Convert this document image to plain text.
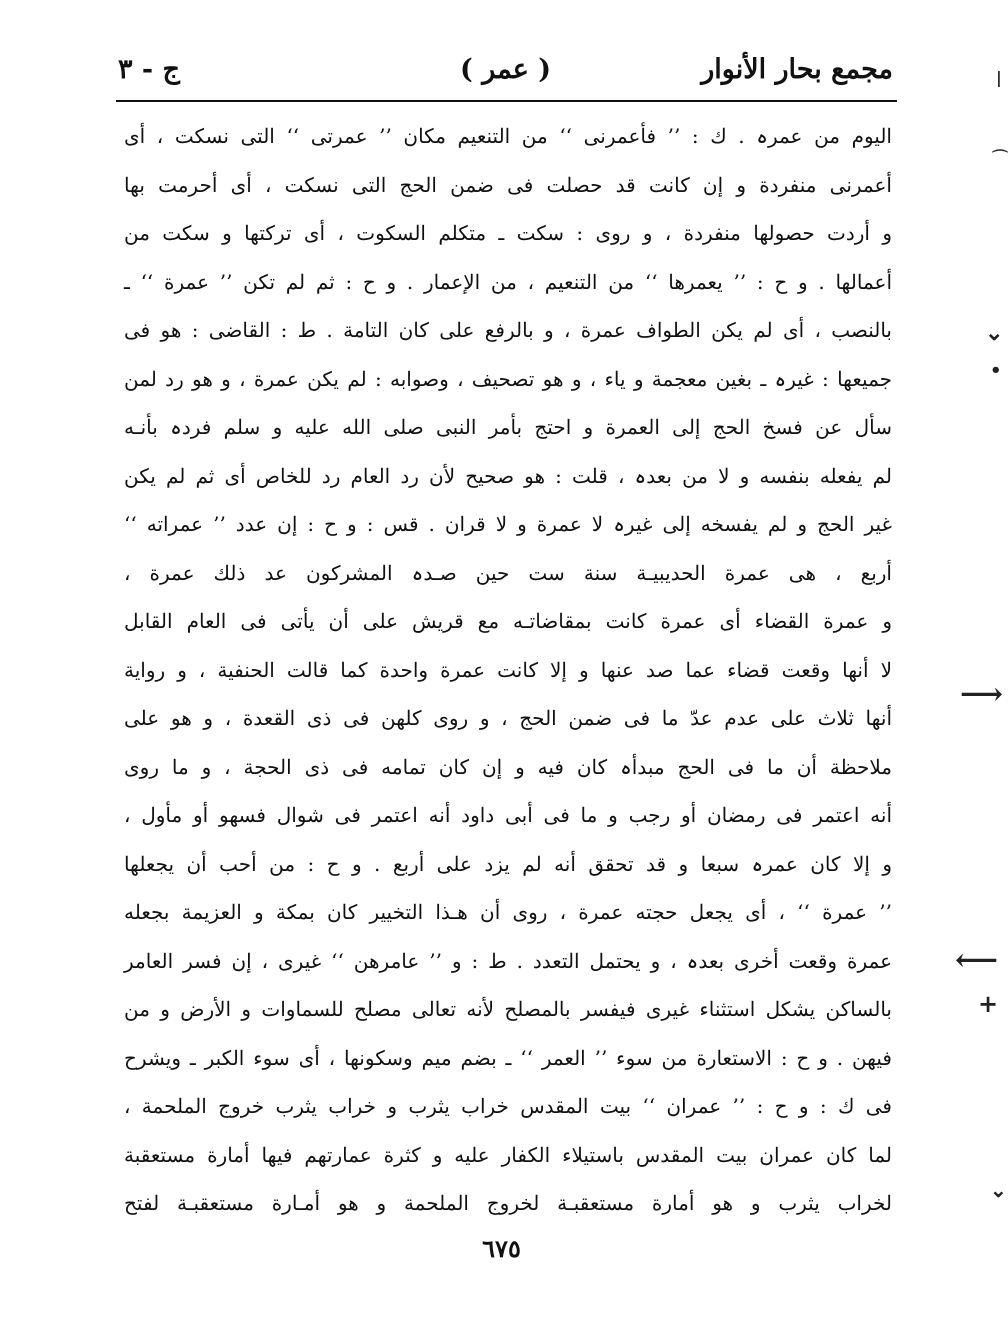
مجمع بحار الأنوار
( عمر )
ج - ٣
اليوم من عمرہ . ك : ’’ فأعمرنی ‘‘ من التنعیم مكان ’’ عمرتی ‘‘ التی نسكت ، أی
أعمرنی منفردة و إن كانت قد حصلت فی ضمن الحج التی نسكت ، أی أحرمت بها
و أردت حصولها منفردة ، و روی : سكت ـ متكلم السكوت ، أی تركتها و سكت من
أعمالها . و ح : ’’ یعمرها ‘‘ من التنعیم ، من الإعمار . و ح : ثم لم تكن ’’ عمرة ‘‘ ـ
بالنصب ، أی لم یكن الطواف عمرة ، و بالرفع علی كان التامة . ط : القاضی : هو فی
جمیعها : غیرہ ـ بغین معجمة و یاء ، و هو تصحیف ، وصوابه : لم یكن عمرة ، و هو رد لمن
سأل عن فسخ الحج إلی العمرة و احتج بأمر النبی صلی الله علیه و سلم فردہ بأنـه
لم یفعله بنفسه و لا من بعدہ ، قلت : هو صحیح لأن رد العام رد للخاص أی ثم لم یكن
غیر الحج و لم یفسخه إلی غیرہ لا عمرة و لا قران . قس : و ح : إن عدد ’’ عمراته ‘‘
أربع ، هی عمرة الحدیبیـة سنة ست حین صـدہ المشركون عد ذلك عمرة ،
و عمرة القضاء أی عمرة كانت بمقاضاتـه مع قریش علی أن یأتی فی العام القابل
لا أنها وقعت قضاء عما صد عنها و إلا كانت عمرة واحدة كما قالت الحنفیة ، و روایة
أنها ثلاث علی عدم عدّ ما فی ضمن الحج ، و روی كلهن فی ذی القعدة ، و هو علی
ملاحظة أن ما فی الحج مبدأہ كان فیه و إن كان تمامه فی ذی الحجة ، و ما روی
أنه اعتمر فی رمضان أو رجب و ما فی أبی داود أنه اعتمر فی شوال فسهو أو مأول ،
و إلا كان عمرہ سبعا و قد تحقق أنه لم یزد علی أربع . و ح : من أحب أن یجعلها
’’ عمرة ‘‘ ، أی یجعل حجته عمرة ، روی أن هـذا التخییر كان بمكة و العزیمة بجعله
عمرة وقعت أخری بعدہ ، و یحتمل التعدد . ط : و ’’ عامرهن ‘‘ غیری ، إن فسر العامر
بالساكن یشكل استثناء غیری فیفسر بالمصلح لأنه تعالی مصلح للسماوات و الأرض و من
فیهن . و ح : الاستعارة من سوء ’’ العمر ‘‘ ـ بضم میم وسكونها ، أی سوء الكبر ـ ویشرح
فی ك : و ح : ’’ عمران ‘‘ بیت المقدس خراب یثرب و خراب یثرب خروج الملحمة ،
لما كان عمران بیت المقدس باستیلاء الكفار علیه و كثرة عمارتهم فیها أمارة مستعقبة
لخراب یثرب و هو أمارة مستعقبـة لخروج الملحمة و هو أمـارة مستعقبـة لفتح
٦٧٥
|
⌒
⌄
•
⟶
⟵
+
⌄
